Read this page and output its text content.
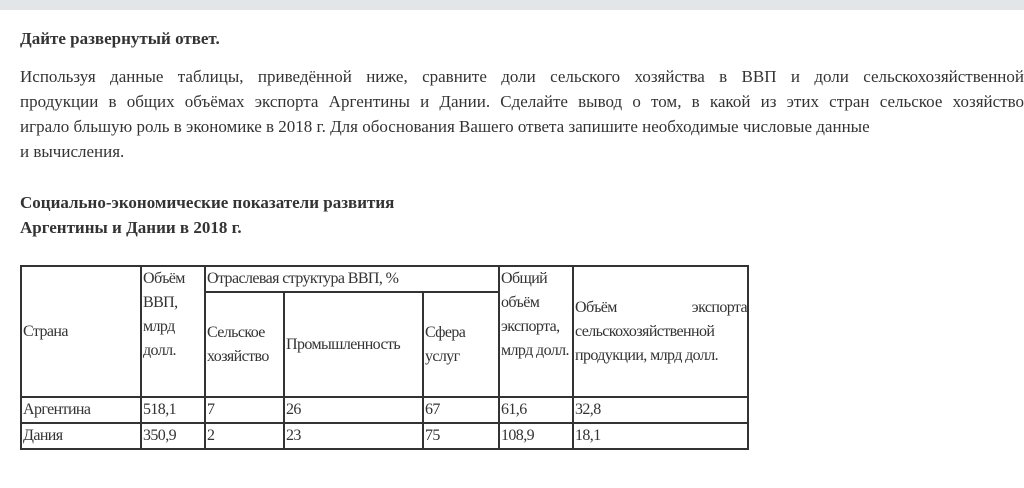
Дайте развернутый ответ.
Используя данные таблицы, приведённой ниже, сравните доли сельского хозяйства в ВВП и доли сельскохозяйственной
продукции в общих объёмах экспорта Аргентины и Дании. Сделайте вывод о том, в какой из этих стран сельское хозяйство
играло бльшую роль в экономике в 2018 г. Для обоснования Вашего ответа запишите необходимые числовые данные
и вычисления.
Социально-экономические показатели развития
Аргентины и Дании в 2018 г.
Страна	Объём ВВП, млрд долл.	Отраслевая структура ВВП, %			Общий объём экспорта, млрд долл.	Объём экспорта сельскохозяйственной продукции, млрд долл.
		Сельское хозяйство	Промышленность	Сфера услуг		
Аргентина	518,1	7	26	67	61,6	32,8
Дания	350,9	2	23	75	108,9	18,1
